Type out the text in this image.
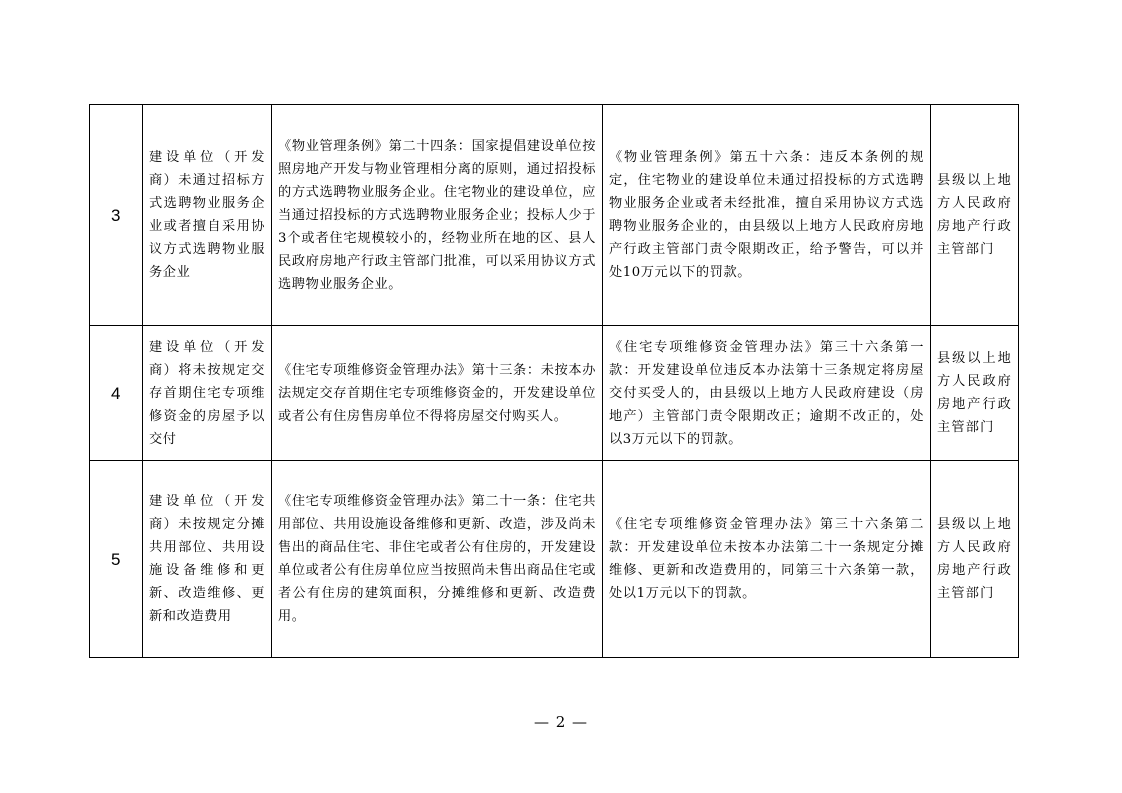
3	建设单位（开发商）未通过招标方式选聘物业服务企业或者擅自采用协议方式选聘物业服务企业	《物业管理条例》第二十四条：国家提倡建设单位按照房地产开发与物业管理相分离的原则，通过招投标的方式选聘物业服务企业。住宅物业的建设单位，应当通过招投标的方式选聘物业服务企业；投标人少于3个或者住宅规模较小的，经物业所在地的区、县人民政府房地产行政主管部门批准，可以采用协议方式选聘物业服务企业。	《物业管理条例》第五十六条：违反本条例的规定，住宅物业的建设单位未通过招投标的方式选聘物业服务企业或者未经批准，擅自采用协议方式选聘物业服务企业的，由县级以上地方人民政府房地产行政主管部门责令限期改正，给予警告，可以并处10万元以下的罚款。	县级以上地方人民政府房地产行政主管部门
4	建设单位（开发商）将未按规定交存首期住宅专项维修资金的房屋予以交付	《住宅专项维修资金管理办法》第十三条：未按本办法规定交存首期住宅专项维修资金的，开发建设单位或者公有住房售房单位不得将房屋交付购买人。	《住宅专项维修资金管理办法》第三十六条第一款：开发建设单位违反本办法第十三条规定将房屋交付买受人的，由县级以上地方人民政府建设（房地产）主管部门责令限期改正；逾期不改正的，处以3万元以下的罚款。	县级以上地方人民政府房地产行政主管部门
5	建设单位（开发商）未按规定分摊共用部位、共用设施设备维修和更新、改造维修、更新和改造费用	《住宅专项维修资金管理办法》第二十一条：住宅共用部位、共用设施设备维修和更新、改造，涉及尚未售出的商品住宅、非住宅或者公有住房的，开发建设单位或者公有住房单位应当按照尚未售出商品住宅或者公有住房的建筑面积，分摊维修和更新、改造费用。	《住宅专项维修资金管理办法》第三十六条第二款：开发建设单位未按本办法第二十一条规定分摊维修、更新和改造费用的，同第三十六条第一款，处以1万元以下的罚款。	县级以上地方人民政府房地产行政主管部门
— 2 —
